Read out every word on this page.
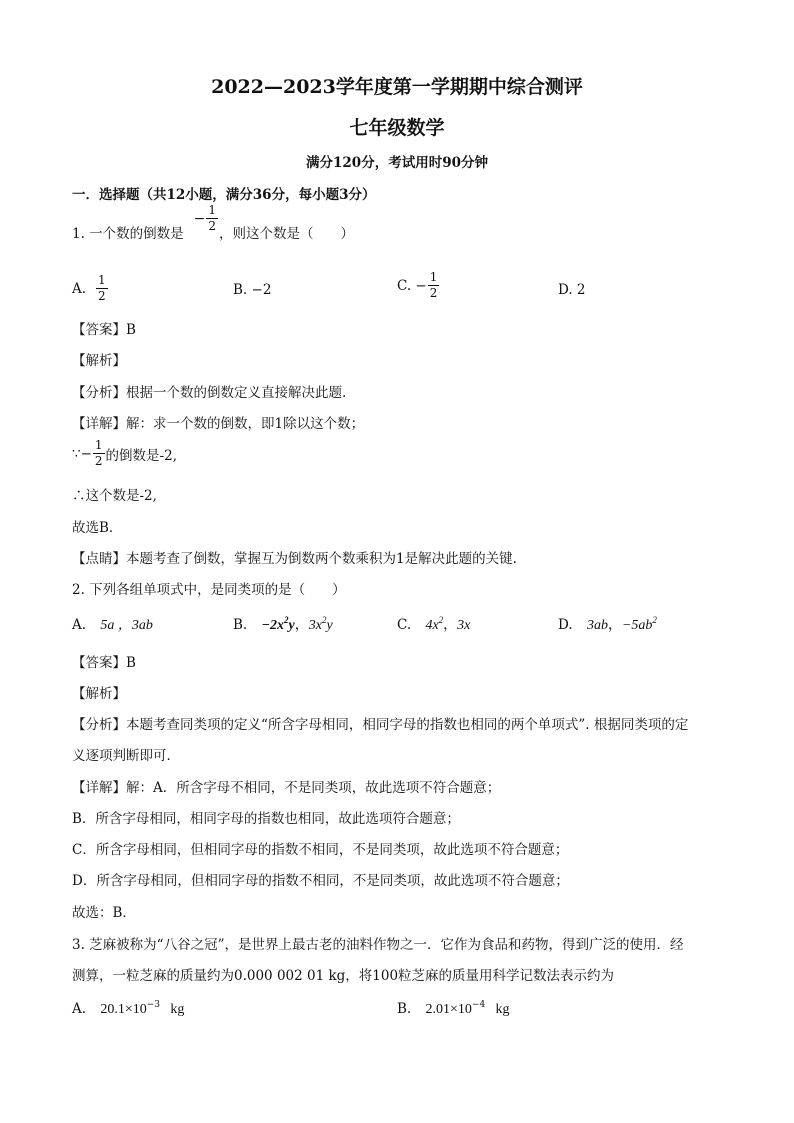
2022—2023学年度第一学期期中综合测评
七年级数学
满分120分，考试用时90分钟
一．选择题（共12小题，满分36分，每小题3分）
1. 一个数的倒数是
− $\frac{1}{2}$
，则这个数是（　　）
A. $\frac{1}{2}$	B. −2	C. − $\frac{1}{2}$	D. 2
【答案】B
【解析】
【分析】根据一个数的倒数定义直接解决此题.
【详解】解：求一个数的倒数，即1除以这个数；
∵− $\frac{1}{2}$ 的倒数是-2,
∴这个数是-2,
故选B．
【点睛】本题考查了倒数，掌握互为倒数两个数乘积为1是解决此题的关键.
2. 下列各组单项式中，是同类项的是（　　）
A. 5a ，3ab	B. $-2x^2y$，$3x^2y$	C. $4x^2$，3x	D. 3ab，$-5ab^2$
【答案】B
【解析】
【分析】本题考查同类项的定义“所含字母相同，相同字母的指数也相同的两个单项式”. 根据同类项的定
义逐项判断即可．
【详解】解：A．所含字母不相同，不是同类项，故此选项不符合题意；
B．所含字母相同，相同字母的指数也相同，故此选项符合题意；
C．所含字母相同，但相同字母的指数不相同，不是同类项，故此选项不符合题意；
D．所含字母相同，但相同字母的指数不相同，不是同类项，故此选项不符合题意；
故选：B．
3. 芝麻被称为“八谷之冠”，是世界上最古老的油料作物之一．它作为食品和药物，得到广泛的使用．经
测算，一粒芝麻的质量约为0.000 002 01 kg，将100粒芝麻的质量用科学记数法表示约为
A. $20.1\times 10^{-3}$ kg	B. $2.01\times 10^{-4}$ kg
